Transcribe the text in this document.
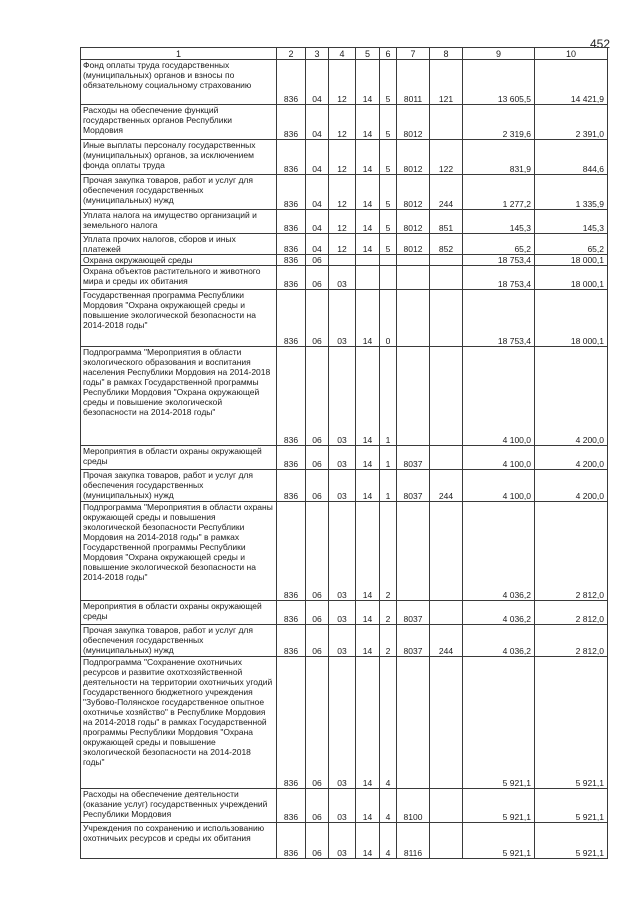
452
1	2	3	4	5	6	7	8	9	10
Фонд оплаты труда государственных (муниципальных) органов и взносы по обязательному социальному страхованию	836	04	12	14	5	8011	121	13 605,5	14 421,9
Расходы на обеспечение функций государственных органов Республики Мордовия	836	04	12	14	5	8012		2 319,6	2 391,0
Иные выплаты персоналу государственных (муниципальных) органов, за исключением фонда оплаты труда	836	04	12	14	5	8012	122	831,9	844,6
Прочая закупка товаров, работ и услуг для обеспечения государственных (муниципальных) нужд	836	04	12	14	5	8012	244	1 277,2	1 335,9
Уплата налога на имущество организаций и земельного налога	836	04	12	14	5	8012	851	145,3	145,3
Уплата прочих налогов, сборов и иных платежей	836	04	12	14	5	8012	852	65,2	65,2
Охрана окружающей среды	836	06						18 753,4	18 000,1
Охрана объектов растительного и животного мира и среды их обитания	836	06	03					18 753,4	18 000,1
Государственная программа Республики Мордовия "Охрана окружающей среды и повышение экологической безопасности на 2014-2018 годы"	836	06	03	14	0			18 753,4	18 000,1
Подпрограмма "Мероприятия в области экологического образования и воспитания населения Республики Мордовия на 2014-2018 годы" в рамках Государственной программы Республики Мордовия "Охрана окружающей среды и повышение экологической безопасности на 2014-2018 годы"	836	06	03	14	1			4 100,0	4 200,0
Мероприятия в области охраны окружающей среды	836	06	03	14	1	8037		4 100,0	4 200,0
Прочая закупка товаров, работ и услуг для обеспечения государственных (муниципальных) нужд	836	06	03	14	1	8037	244	4 100,0	4 200,0
Подпрограмма "Мероприятия в области охраны окружающей среды и повышения экологической безопасности Республики Мордовия на 2014-2018 годы" в рамках Государственной программы Республики Мордовия "Охрана окружающей среды и повышение экологической безопасности на 2014-2018 годы"	836	06	03	14	2			4 036,2	2 812,0
Мероприятия в области охраны окружающей среды	836	06	03	14	2	8037		4 036,2	2 812,0
Прочая закупка товаров, работ и услуг для обеспечения государственных (муниципальных) нужд	836	06	03	14	2	8037	244	4 036,2	2 812,0
Подпрограмма "Сохранение охотничьих ресурсов и развитие охотхозяйственной деятельности на территории охотничьих угодий Государственного бюджетного учреждения "Зубово-Полянское государственное опытное охотничье хозяйство" в Республике Мордовия на 2014-2018 годы" в рамках Государственной программы Республики Мордовия "Охрана окружающей среды и повышение экологической безопасности на 2014-2018 годы"	836	06	03	14	4			5 921,1	5 921,1
Расходы на обеспечение деятельности (оказание услуг) государственных учреждений Республики Мордовия	836	06	03	14	4	8100		5 921,1	5 921,1
Учреждения по сохранению и использованию охотничьих ресурсов и среды их обитания	836	06	03	14	4	8116		5 921,1	5 921,1
